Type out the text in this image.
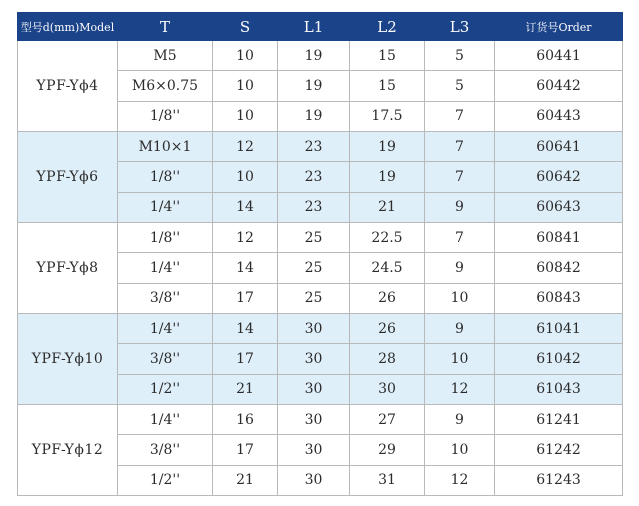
型号d(mm)Model	T	S	L1	L2	L3	订货号Order
YPF-Yϕ4	M5	10	19	15	5	60441
	M6×0.75	10	19	15	5	60442
	1/8''	10	19	17.5	7	60443
YPF-Yϕ6	M10×1	12	23	19	7	60641
	1/8''	10	23	19	7	60642
	1/4''	14	23	21	9	60643
YPF-Yϕ8	1/8''	12	25	22.5	7	60841
	1/4''	14	25	24.5	9	60842
	3/8''	17	25	26	10	60843
YPF-Yϕ10	1/4''	14	30	26	9	61041
	3/8''	17	30	28	10	61042
	1/2''	21	30	30	12	61043
YPF-Yϕ12	1/4''	16	30	27	9	61241
	3/8''	17	30	29	10	61242
	1/2''	21	30	31	12	61243
